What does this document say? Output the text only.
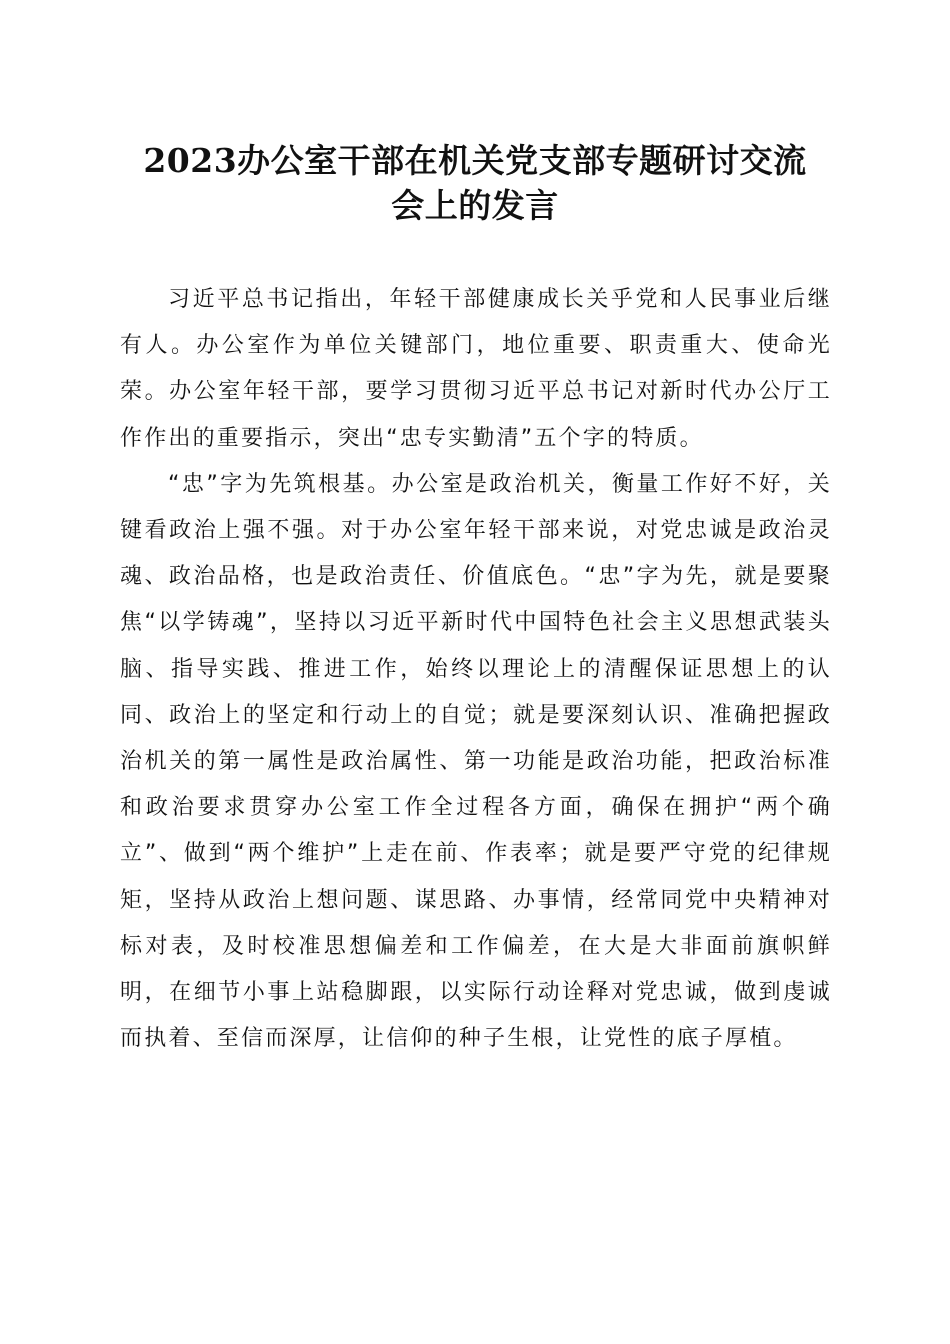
2023办公室干部在机关党支部专题研讨交流
会上的发言

习近平总书记指出，年轻干部健康成长关乎党和人民事业后继有人。办公室作为单位关键部门，地位重要、职责重大、使命光荣。办公室年轻干部，要学习贯彻习近平总书记对新时代办公厅工作作出的重要指示，突出“忠专实勤清”五个字的特质。

“忠”字为先筑根基。办公室是政治机关，衡量工作好不好，关键看政治上强不强。对于办公室年轻干部来说，对党忠诚是政治灵魂、政治品格，也是政治责任、价值底色。“忠”字为先，就是要聚焦“以学铸魂”，坚持以习近平新时代中国特色社会主义思想武装头脑、指导实践、推进工作，始终以理论上的清醒保证思想上的认同、政治上的坚定和行动上的自觉；就是要深刻认识、准确把握政治机关的第一属性是政治属性、第一功能是政治功能，把政治标准和政治要求贯穿办公室工作全过程各方面，确保在拥护“两个确立”、做到“两个维护”上走在前、作表率；就是要严守党的纪律规矩，坚持从政治上想问题、谋思路、办事情，经常同党中央精神对标对表，及时校准思想偏差和工作偏差，在大是大非面前旗帜鲜明，在细节小事上站稳脚跟，以实际行动诠释对党忠诚，做到虔诚而执着、至信而深厚，让信仰的种子生根，让党性的底子厚植。
